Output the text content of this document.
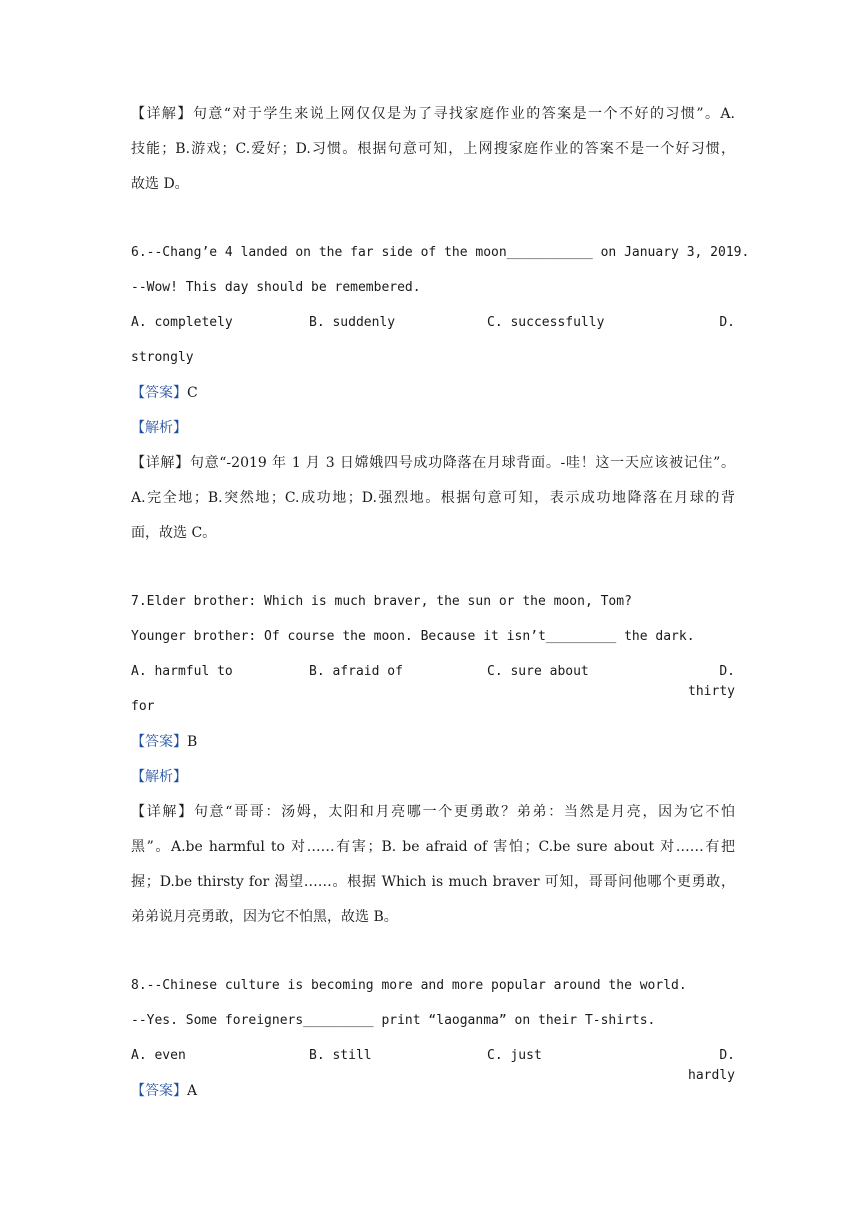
【详解】句意“对于学生来说上网仅仅是为了寻找家庭作业的答案是一个不好的习惯”。A.

技能；B.游戏；C.爱好；D.习惯。根据句意可知，上网搜家庭作业的答案不是一个好习惯，

故选 D。

6.--Chang’e 4 landed on the far side of the moon___________ on January 3, 2019.
--Wow! This day should be remembered.
A. completely	B. suddenly	C. successfully	D.
strongly
【答案】C
【解析】

【详解】句意“-2019 年 1 月 3 日嫦娥四号成功降落在月球背面。-哇！这一天应该被记住”。

A.完全地；B.突然地；C.成功地；D.强烈地。根据句意可知，表示成功地降落在月球的背

面，故选 C。

7.Elder brother: Which is much braver, the sun or the moon, Tom?
Younger brother: Of course the moon. Because it isn’t_________ the dark.
A. harmful to	B. afraid of	C. sure about	D. thirty
for
【答案】B
【解析】

【详解】句意“哥哥：汤姆，太阳和月亮哪一个更勇敢？弟弟：当然是月亮，因为它不怕

黑”。A.be harmful to 对……有害；B. be afraid of 害怕；C.be sure about 对……有把

握；D.be thirsty for 渴望……。根据 Which is much braver 可知，哥哥问他哪个更勇敢，

弟弟说月亮勇敢，因为它不怕黑，故选 B。

8.--Chinese culture is becoming more and more popular around the world.
--Yes. Some foreigners_________ print “laoganma” on their T-shirts.
A. even	B. still	C. just	D. hardly
【答案】A
